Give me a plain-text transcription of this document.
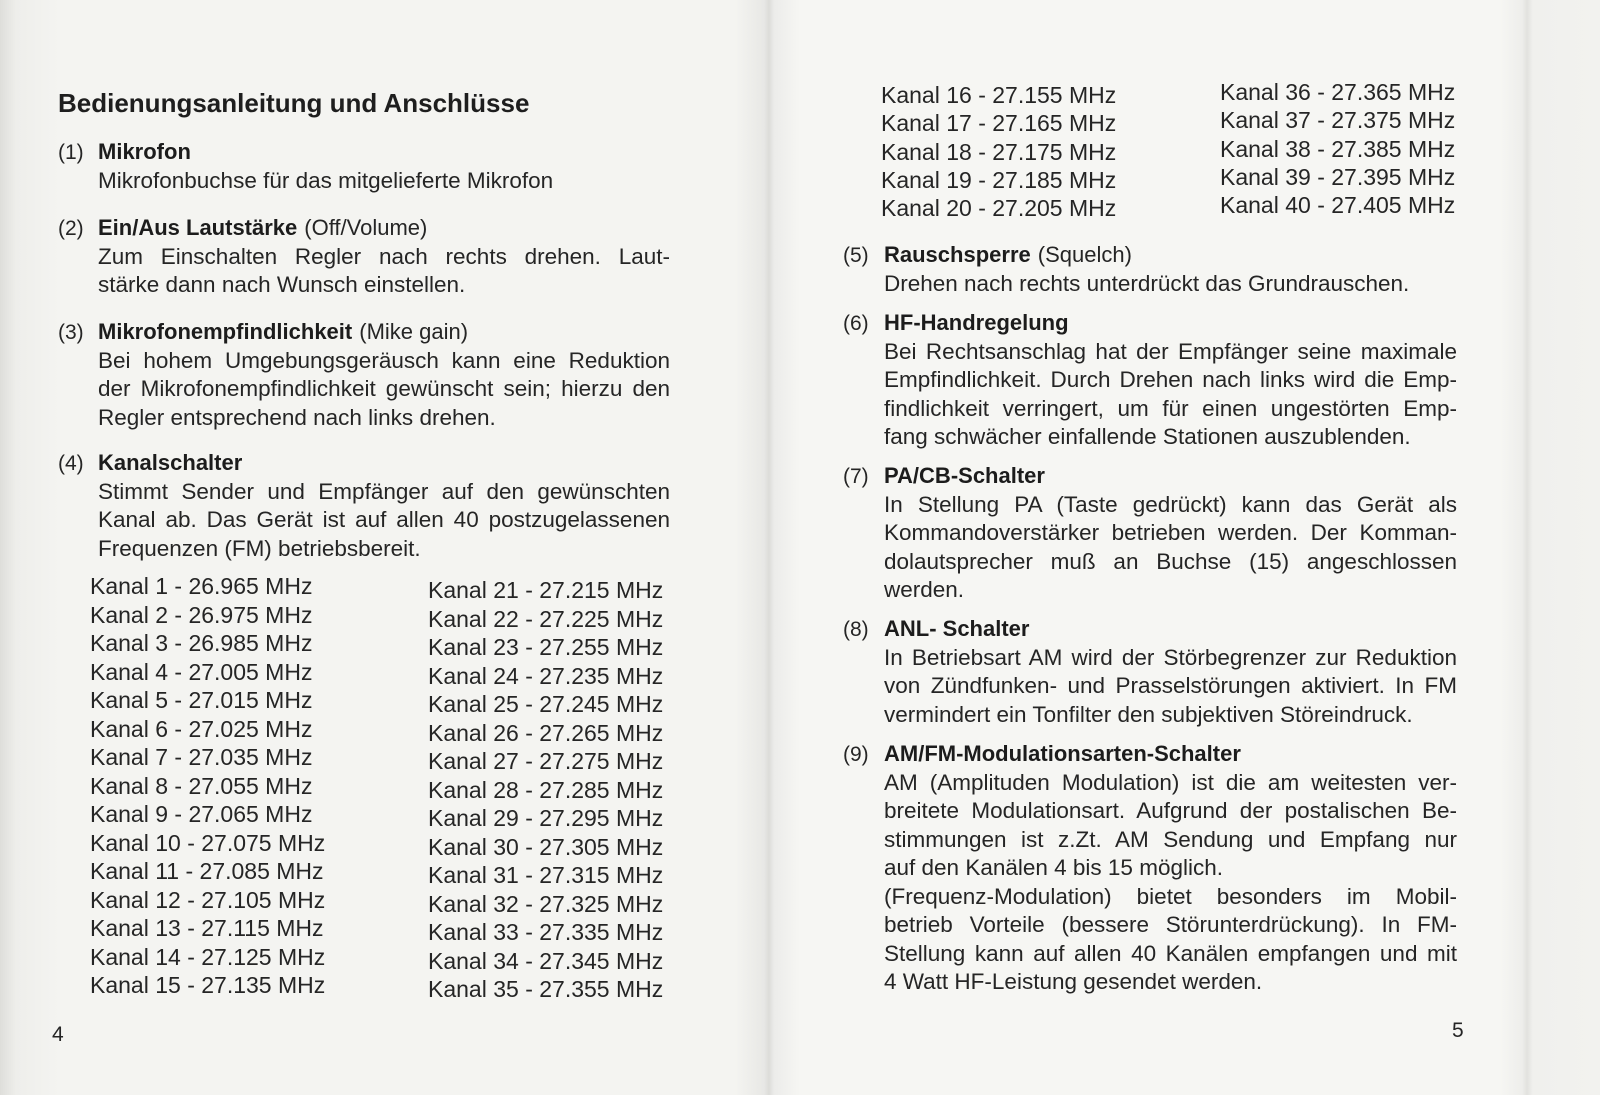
Bedienungsanleitung und Anschlüsse
(1) Mikrofon
Mikrofonbuchse für das mitgelieferte Mikrofon
(2) Ein/Aus Lautstärke (Off/Volume)
Zum Einschalten Regler nach rechts drehen. Laut-
stärke dann nach Wunsch einstellen.
(3) Mikrofonempfindlichkeit (Mike gain)
Bei hohem Umgebungsgeräusch kann eine Reduktion
der Mikrofonempfindlichkeit gewünscht sein; hierzu den
Regler entsprechend nach links drehen.
(4) Kanalschalter
Stimmt Sender und Empfänger auf den gewünschten
Kanal ab. Das Gerät ist auf allen 40 postzugelassenen
Frequenzen (FM) betriebsbereit.
Kanal 1 - 26.965 MHz
Kanal 2 - 26.975 MHz
Kanal 3 - 26.985 MHz
Kanal 4 - 27.005 MHz
Kanal 5 - 27.015 MHz
Kanal 6 - 27.025 MHz
Kanal 7 - 27.035 MHz
Kanal 8 - 27.055 MHz
Kanal 9 - 27.065 MHz
Kanal 10 - 27.075 MHz
Kanal 11 - 27.085 MHz
Kanal 12 - 27.105 MHz
Kanal 13 - 27.115 MHz
Kanal 14 - 27.125 MHz
Kanal 15 - 27.135 MHz
Kanal 21 - 27.215 MHz
Kanal 22 - 27.225 MHz
Kanal 23 - 27.255 MHz
Kanal 24 - 27.235 MHz
Kanal 25 - 27.245 MHz
Kanal 26 - 27.265 MHz
Kanal 27 - 27.275 MHz
Kanal 28 - 27.285 MHz
Kanal 29 - 27.295 MHz
Kanal 30 - 27.305 MHz
Kanal 31 - 27.315 MHz
Kanal 32 - 27.325 MHz
Kanal 33 - 27.335 MHz
Kanal 34 - 27.345 MHz
Kanal 35 - 27.355 MHz
4
Kanal 16 - 27.155 MHz
Kanal 17 - 27.165 MHz
Kanal 18 - 27.175 MHz
Kanal 19 - 27.185 MHz
Kanal 20 - 27.205 MHz
Kanal 36 - 27.365 MHz
Kanal 37 - 27.375 MHz
Kanal 38 - 27.385 MHz
Kanal 39 - 27.395 MHz
Kanal 40 - 27.405 MHz
(5) Rauschsperre (Squelch)
Drehen nach rechts unterdrückt das Grundrauschen.
(6) HF-Handregelung
Bei Rechtsanschlag hat der Empfänger seine maximale
Empfindlichkeit. Durch Drehen nach links wird die Emp-
findlichkeit verringert, um für einen ungestörten Emp-
fang schwächer einfallende Stationen auszublenden.
(7) PA/CB-Schalter
In Stellung PA (Taste gedrückt) kann das Gerät als
Kommandoverstärker betrieben werden. Der Komman-
dolautsprecher muß an Buchse (15) angeschlossen
werden.
(8) ANL- Schalter
In Betriebsart AM wird der Störbegrenzer zur Reduktion
von Zündfunken- und Prasselstörungen aktiviert. In FM
vermindert ein Tonfilter den subjektiven Störeindruck.
(9) AM/FM-Modulationsarten-Schalter
AM (Amplituden Modulation) ist die am weitesten ver-
breitete Modulationsart. Aufgrund der postalischen Be-
stimmungen ist z.Zt. AM Sendung und Empfang nur
auf den Kanälen 4 bis 15 möglich.
(Frequenz-Modulation) bietet besonders im Mobil-
betrieb Vorteile (bessere Störunterdrückung). In FM-
Stellung kann auf allen 40 Kanälen empfangen und mit
4 Watt HF-Leistung gesendet werden.
5
